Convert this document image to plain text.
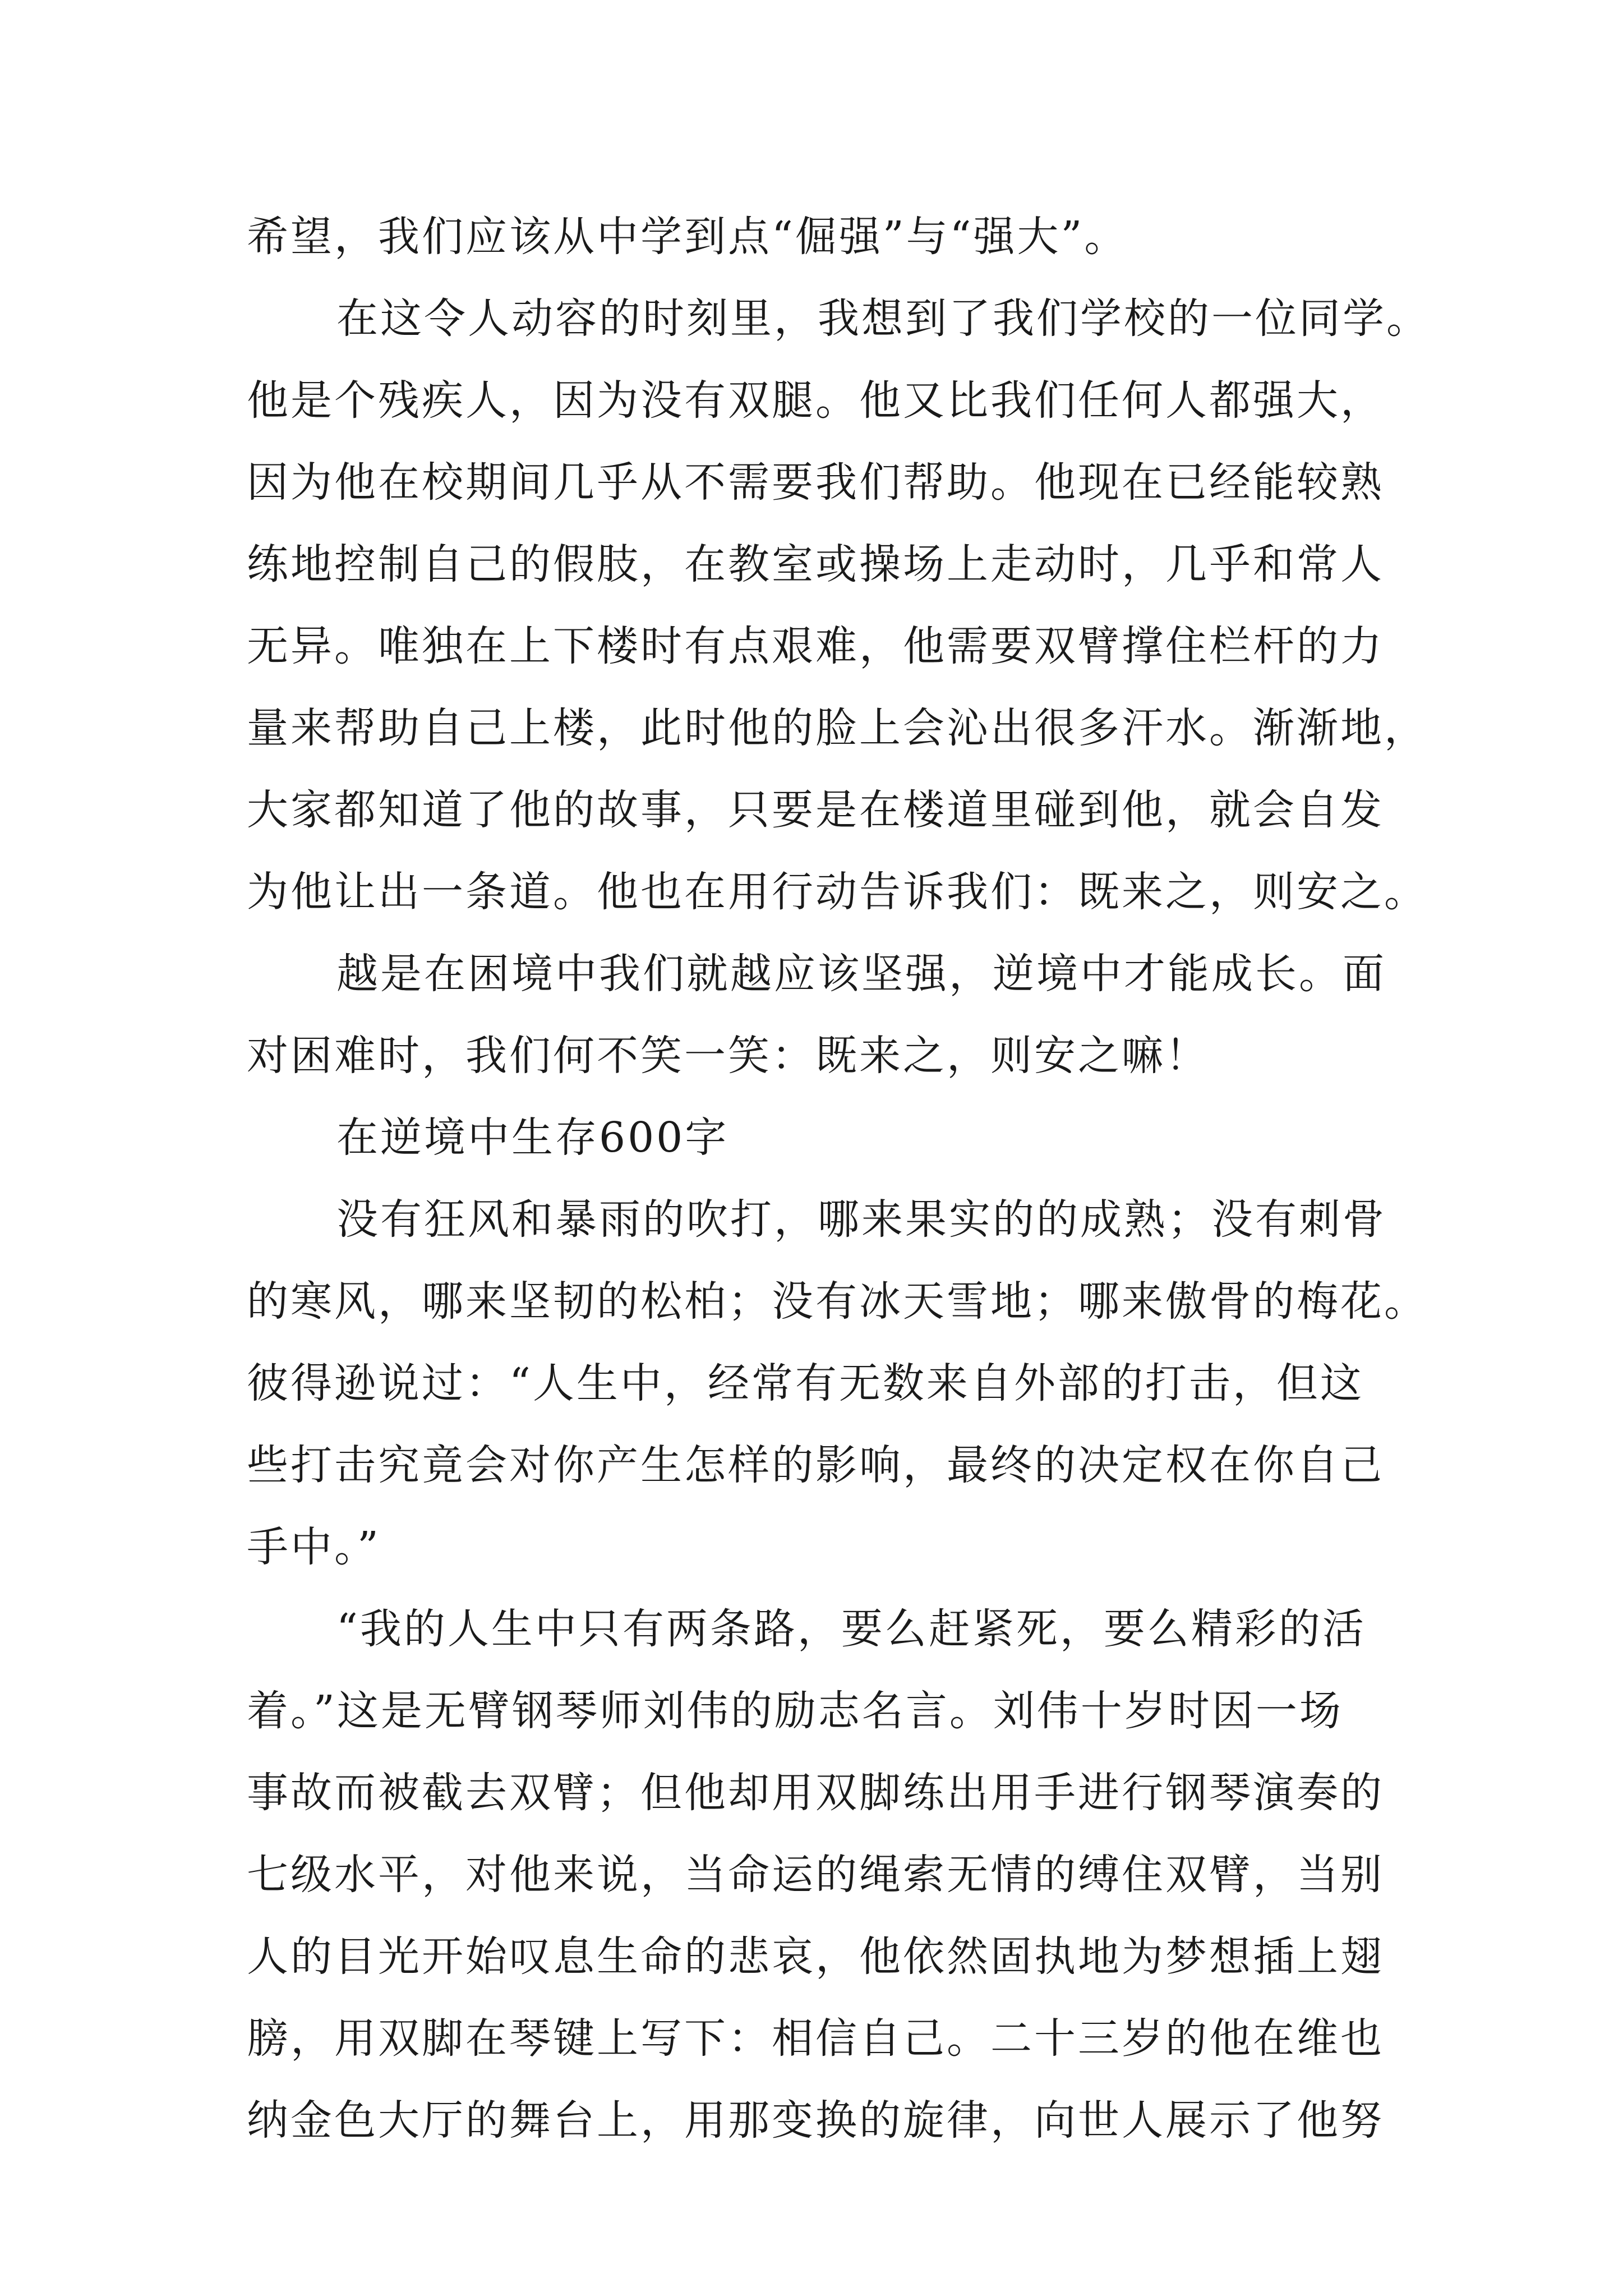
希望，我们应该从中学到点“倔强”与“强大”。
在这令人动容的时刻里，我想到了我们学校的一位同学。
他是个残疾人，因为没有双腿。他又比我们任何人都强大，
因为他在校期间几乎从不需要我们帮助。他现在已经能较熟
练地控制自己的假肢，在教室或操场上走动时，几乎和常人
无异。唯独在上下楼时有点艰难，他需要双臂撑住栏杆的力
量来帮助自己上楼，此时他的脸上会沁出很多汗水。渐渐地，
大家都知道了他的故事，只要是在楼道里碰到他，就会自发
为他让出一条道。他也在用行动告诉我们：既来之，则安之。
越是在困境中我们就越应该坚强，逆境中才能成长。面
对困难时，我们何不笑一笑：既来之，则安之嘛！
在逆境中生存600字
没有狂风和暴雨的吹打，哪来果实的的成熟；没有刺骨
的寒风，哪来坚韧的松柏；没有冰天雪地；哪来傲骨的梅花。
彼得逊说过：“人生中，经常有无数来自外部的打击，但这
些打击究竟会对你产生怎样的影响，最终的决定权在你自己
手中。”
“我的人生中只有两条路，要么赶紧死，要么精彩的活
着。”这是无臂钢琴师刘伟的励志名言。刘伟十岁时因一场
事故而被截去双臂；但他却用双脚练出用手进行钢琴演奏的
七级水平，对他来说，当命运的绳索无情的缚住双臂，当别
人的目光开始叹息生命的悲哀，他依然固执地为梦想插上翅
膀，用双脚在琴键上写下：相信自己。二十三岁的他在维也
纳金色大厅的舞台上，用那变换的旋律，向世人展示了他努
